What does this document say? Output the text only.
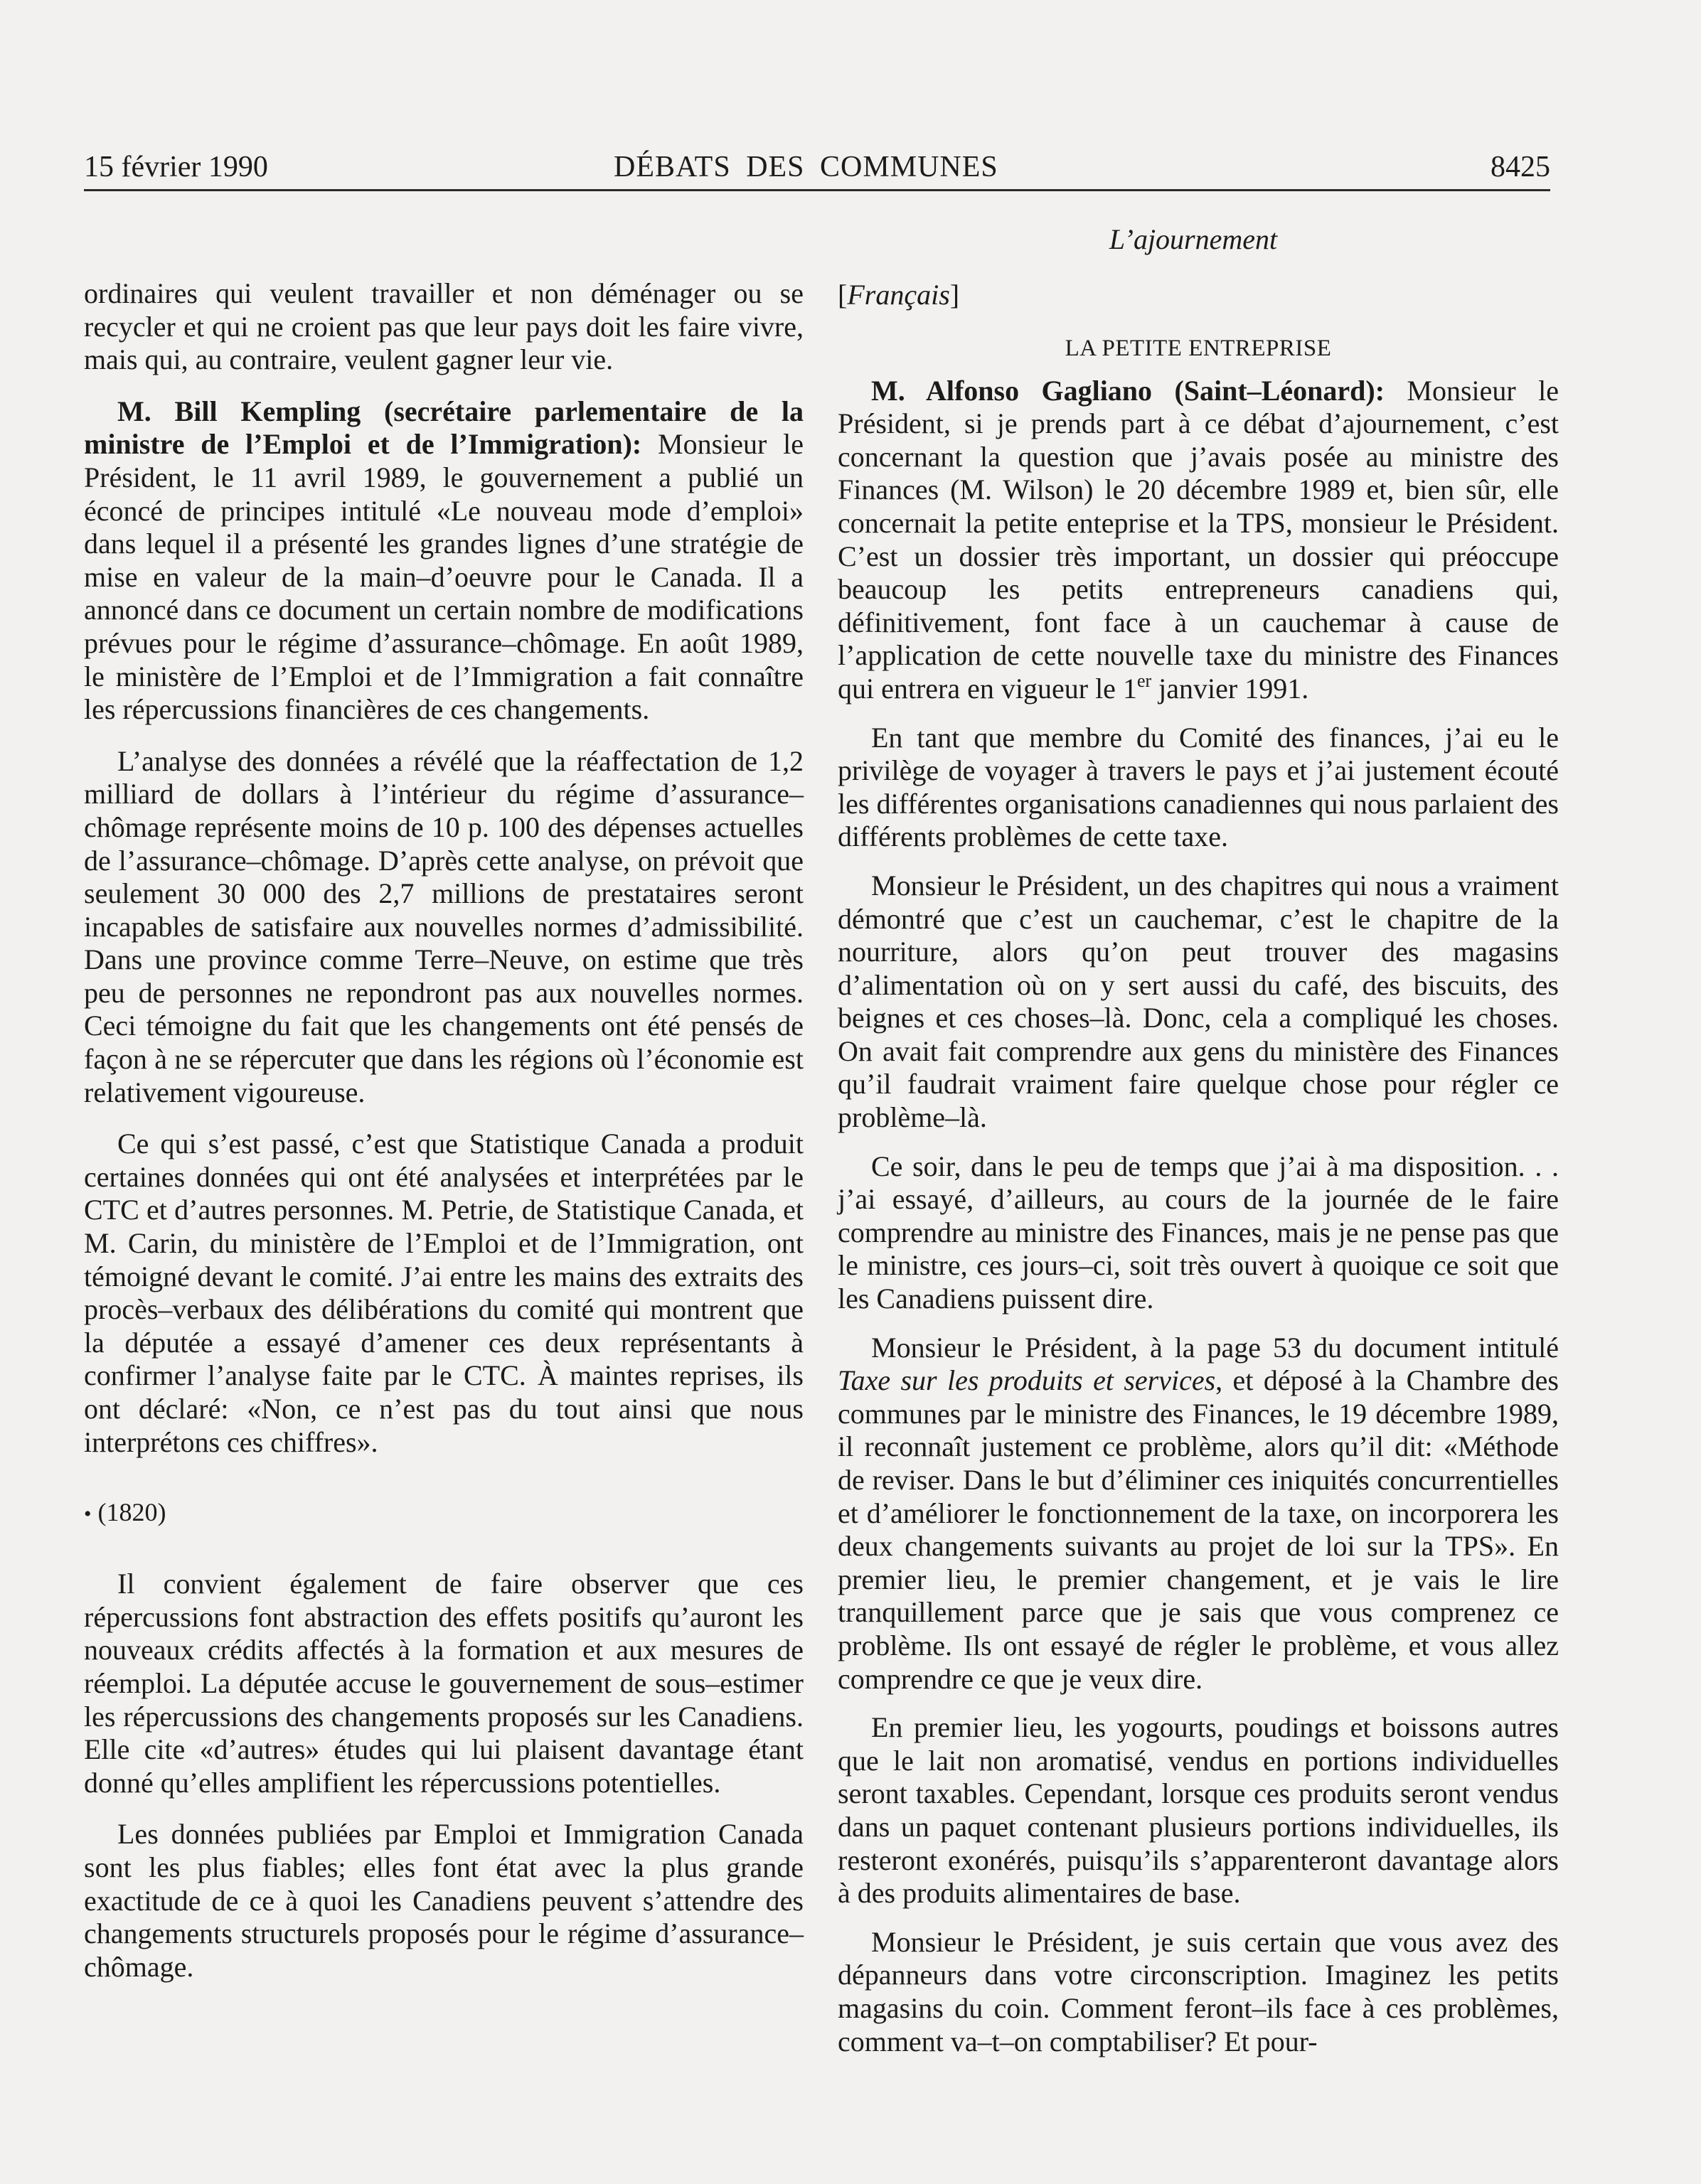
15 février 1990	DÉBATS DES COMMUNES	8425
L’ajournement

ordinaires qui veulent travailler et non déménager ou se recycler et qui ne croient pas que leur pays doit les faire vivre, mais qui, au contraire, veulent gagner leur vie.

M. Bill Kempling (secrétaire parlementaire de la ministre de l’Emploi et de l’Immigration): Monsieur le Président, le 11 avril 1989, le gouvernement a publié un éconcé de principes intitulé «Le nouveau mode d’emploi» dans lequel il a présenté les grandes lignes d’une stratégie de mise en valeur de la main–d’oeuvre pour le Canada. Il a annoncé dans ce document un certain nombre de modifications prévues pour le régime d’assurance–chômage. En août 1989, le ministère de l’Emploi et de l’Immigration a fait connaître les répercussions financières de ces changements.

L’analyse des données a révélé que la réaffectation de 1,2 milliard de dollars à l’intérieur du régime d’assurance–chômage représente moins de 10 p. 100 des dépenses actuelles de l’assurance–chômage. D’après cette analyse, on prévoit que seulement 30 000 des 2,7 millions de prestataires seront incapables de satisfaire aux nouvelles normes d’admissibilité. Dans une province comme Terre–Neuve, on estime que très peu de personnes ne repondront pas aux nouvelles normes. Ceci témoigne du fait que les changements ont été pensés de façon à ne se répercuter que dans les régions où l’économie est relativement vigoureuse.

Ce qui s’est passé, c’est que Statistique Canada a produit certaines données qui ont été analysées et interprétées par le CTC et d’autres personnes. M. Petrie, de Statistique Canada, et M. Carin, du ministère de l’Emploi et de l’Immigration, ont témoigné devant le comité. J’ai entre les mains des extraits des procès–verbaux des délibérations du comité qui montrent que la députée a essayé d’amener ces deux représentants à confirmer l’analyse faite par le CTC. À maintes reprises, ils ont déclaré: «Non, ce n’est pas du tout ainsi que nous interprétons ces chiffres».

• (1820)

Il convient également de faire observer que ces répercussions font abstraction des effets positifs qu’auront les nouveaux crédits affectés à la formation et aux mesures de réemploi. La députée accuse le gouvernement de sous–estimer les répercussions des changements proposés sur les Canadiens. Elle cite «d’autres» études qui lui plaisent davantage étant donné qu’elles amplifient les répercussions potentielles.

Les données publiées par Emploi et Immigration Canada sont les plus fiables; elles font état avec la plus grande exactitude de ce à quoi les Canadiens peuvent s’attendre des changements structurels proposés pour le régime d’assurance–chômage.

[Français]

LA PETITE ENTREPRISE

M. Alfonso Gagliano (Saint–Léonard): Monsieur le Président, si je prends part à ce débat d’ajournement, c’est concernant la question que j’avais posée au ministre des Finances (M. Wilson) le 20 décembre 1989 et, bien sûr, elle concernait la petite enteprise et la TPS, monsieur le Président. C’est un dossier très important, un dossier qui préoccupe beaucoup les petits entrepreneurs canadiens qui, définitivement, font face à un cauchemar à cause de l’application de cette nouvelle taxe du ministre des Finances qui entrera en vigueur le 1er janvier 1991.

En tant que membre du Comité des finances, j’ai eu le privilège de voyager à travers le pays et j’ai justement écouté les différentes organisations canadiennes qui nous parlaient des différents problèmes de cette taxe.

Monsieur le Président, un des chapitres qui nous a vraiment démontré que c’est un cauchemar, c’est le chapitre de la nourriture, alors qu’on peut trouver des magasins d’alimentation où on y sert aussi du café, des biscuits, des beignes et ces choses–là. Donc, cela a compliqué les choses. On avait fait comprendre aux gens du ministère des Finances qu’il faudrait vraiment faire quelque chose pour régler ce problème–là.

Ce soir, dans le peu de temps que j’ai à ma disposition. . . j’ai essayé, d’ailleurs, au cours de la journée de le faire comprendre au ministre des Finances, mais je ne pense pas que le ministre, ces jours–ci, soit très ouvert à quoique ce soit que les Canadiens puissent dire.

Monsieur le Président, à la page 53 du document intitulé Taxe sur les produits et services, et déposé à la Chambre des communes par le ministre des Finances, le 19 décembre 1989, il reconnaît justement ce problème, alors qu’il dit: «Méthode de reviser. Dans le but d’éliminer ces iniquités concurrentielles et d’améliorer le fonctionnement de la taxe, on incorporera les deux changements suivants au projet de loi sur la TPS». En premier lieu, le premier changement, et je vais le lire tranquillement parce que je sais que vous comprenez ce problème. Ils ont essayé de régler le problème, et vous allez comprendre ce que je veux dire.

En premier lieu, les yogourts, poudings et boissons autres que le lait non aromatisé, vendus en portions individuelles seront taxables. Cependant, lorsque ces produits seront vendus dans un paquet contenant plusieurs portions individuelles, ils resteront exonérés, puisqu’ils s’apparenteront davantage alors à des produits alimentaires de base.

Monsieur le Président, je suis certain que vous avez des dépanneurs dans votre circonscription. Imaginez les petits magasins du coin. Comment feront–ils face à ces problèmes, comment va–t–on comptabiliser? Et pour-
